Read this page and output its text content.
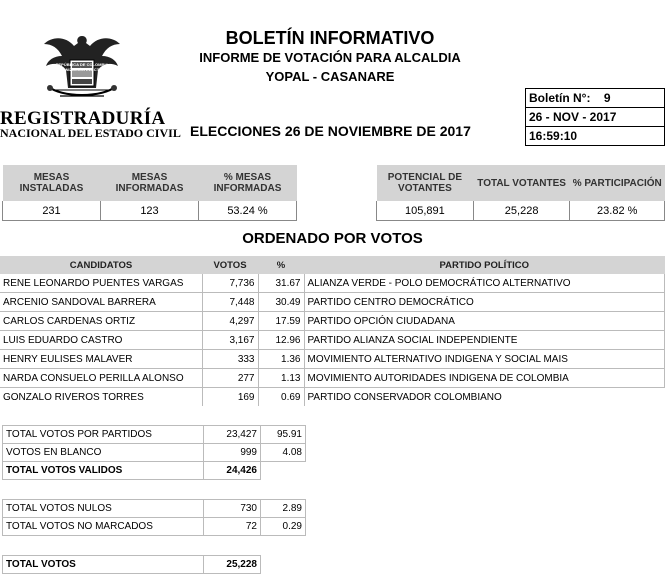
REPÚBLICA DE COLOMBIA ORGANIZACIÓN ELECTORAL
REGISTRADURÍA
NACIONAL DEL ESTADO CIVIL
BOLETÍN INFORMATIVO
INFORME DE VOTACIÓN PARA ALCALDIA
YOPAL - CASANARE
ELECCIONES 26 DE NOVIEMBRE DE 2017
Boletín N°: 9
26 - NOV - 2017
16:59:10
MESAS INSTALADAS	MESAS INFORMADAS	% MESAS INFORMADAS
231	123	53.24 %
POTENCIAL DE VOTANTES	TOTAL VOTANTES	% PARTICIPACIÓN
105,891	25,228	23.82 %
ORDENADO POR VOTOS
CANDIDATOS	VOTOS	%	PARTIDO POLÍTICO
RENE LEONARDO PUENTES VARGAS	7,736	31.67	ALIANZA VERDE - POLO DEMOCRÁTICO ALTERNATIVO
ARCENIO SANDOVAL BARRERA	7,448	30.49	PARTIDO CENTRO DEMOCRÁTICO
CARLOS CARDENAS ORTIZ	4,297	17.59	PARTIDO OPCIÓN CIUDADANA
LUIS EDUARDO CASTRO	3,167	12.96	PARTIDO ALIANZA SOCIAL INDEPENDIENTE
HENRY EULISES MALAVER	333	1.36	MOVIMIENTO ALTERNATIVO INDIGENA Y SOCIAL MAIS
NARDA CONSUELO PERILLA ALONSO	277	1.13	MOVIMIENTO AUTORIDADES INDIGENA DE COLOMBIA
GONZALO RIVEROS TORRES	169	0.69	PARTIDO CONSERVADOR COLOMBIANO
TOTAL VOTOS POR PARTIDOS	23,427	95.91
VOTOS EN BLANCO	999	4.08
TOTAL VOTOS VALIDOS	24,426	
TOTAL VOTOS NULOS	730	2.89
TOTAL VOTOS NO MARCADOS	72	0.29
TOTAL VOTOS	25,228
